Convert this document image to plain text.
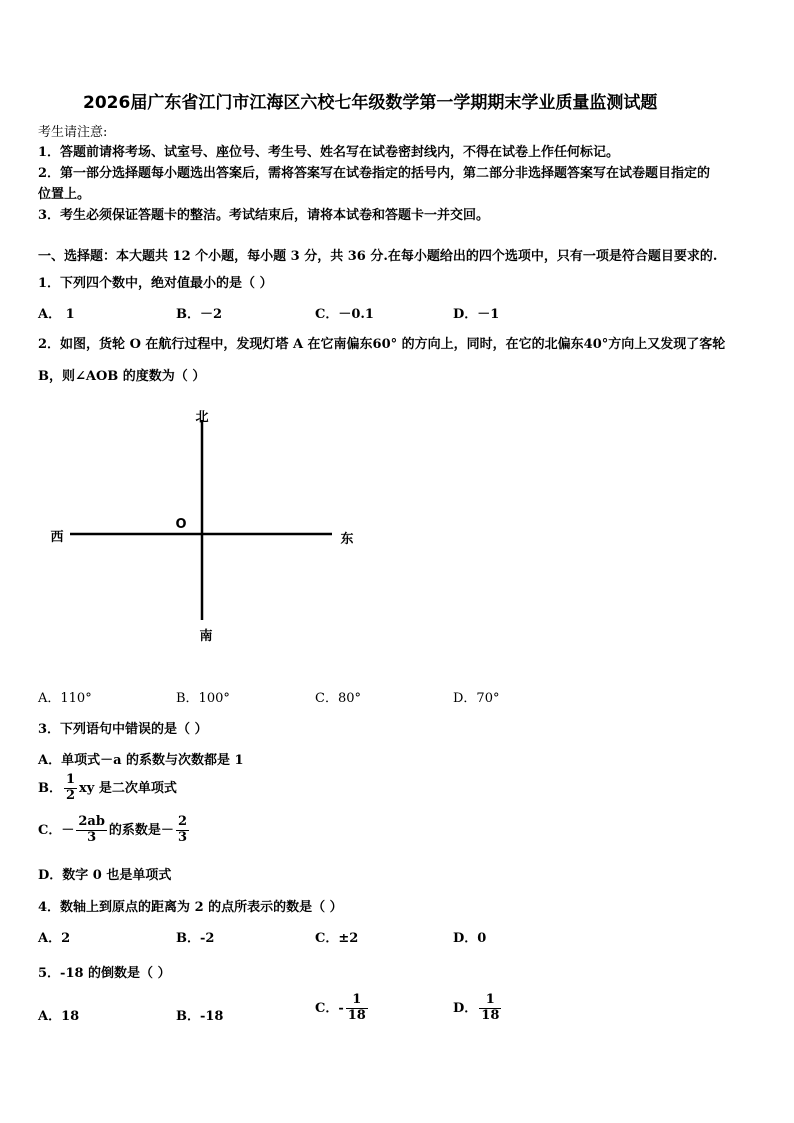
2026届广东省江门市江海区六校七年级数学第一学期期末学业质量监测试题
考生请注意:
1．答题前请将考场、试室号、座位号、考生号、姓名写在试卷密封线内，不得在试卷上作任何标记。
2．第一部分选择题每小题选出答案后，需将答案写在试卷指定的括号内，第二部分非选择题答案写在试卷题目指定的
位置上。
3．考生必须保证答题卡的整洁。考试结束后，请将本试卷和答题卡一并交回。
一、选择题：本大题共 12 个小题，每小题 3 分，共 36 分.在每小题给出的四个选项中，只有一项是符合题目要求的.
1．下列四个数中，绝对值最小的是（ ）
A． 1	B．－2	C．－0.1	D．－1
2．如图，货轮 O 在航行过程中，发现灯塔 A 在它南偏东60° 的方向上，同时，在它的北偏东40°方向上又发现了客轮
B，则∠AOB 的度数为（ ）
北
南
西	东
O
A．110°	B．100°	C．80°	D．70°
3．下列语句中错误的是（ ）
A．单项式－a 的系数与次数都是 1
B． $\frac{1}{2}$ xy 是二次单项式
C．－ $\frac{2ab}{3}$ 的系数是－ $\frac{2}{3}$
D．数字 0 也是单项式
4．数轴上到原点的距离为 2 的点所表示的数是（ ）
A．2	B．-2	C．±2	D．0
5．-18 的倒数是（ ）
A．18	B．-18
C．- $\frac{1}{18}$	D． $\frac{1}{18}$
